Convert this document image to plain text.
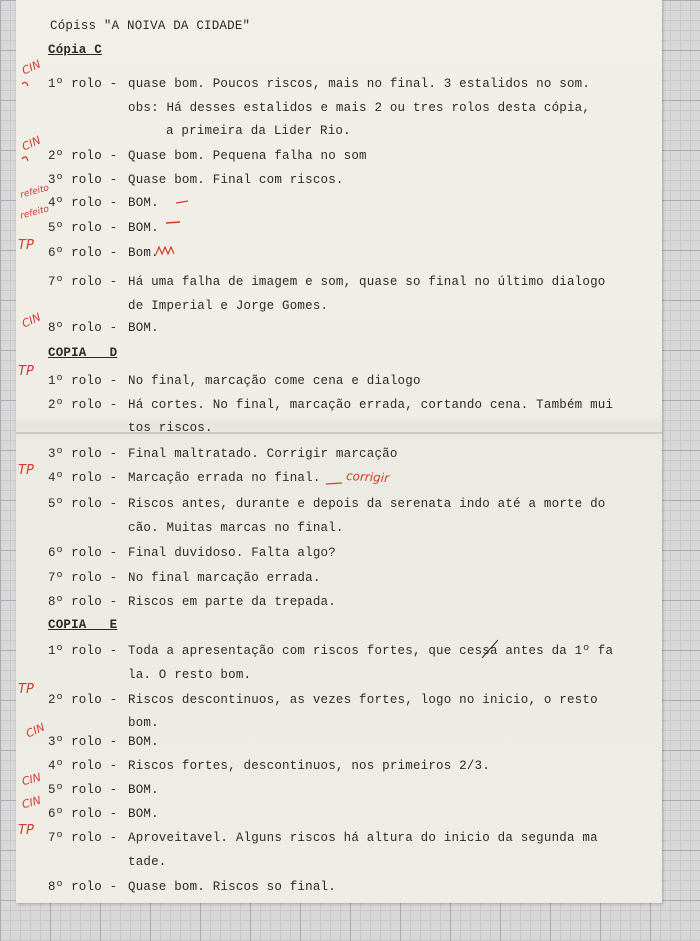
Cópiss "A NOIVA DA CIDADE"
Cópia C
1º rolo - quase bom. Poucos riscos, mais no final. 3 estalidos no som.
obs: Há desses estalidos e mais 2 ou tres rolos desta cópia,
a primeira da Lider Rio.
2º rolo - Quase bom. Pequena falha no som
3º rolo - Quase bom. Final com riscos.
4º rolo - BOM.
5º rolo - BOM.
6º rolo - Bom.
7º rolo - Há uma falha de imagem e som, quase so final no último dialogo
de Imperial e Jorge Gomes.
8º rolo - BOM.
COPIA _ D
1º rolo - No final, marcação come cena e dialogo
2º rolo - Há cortes. No final, marcação errada, cortando cena. Também mui
tos riscos.
3º rolo - Final maltratado. Corrigir marcação
4º rolo - Marcação errada no final.
5º rolo - Riscos antes, durante e depois da serenata indo até a morte do
cão. Muitas marcas no final.
6º rolo - Final duvidoso. Falta algo?
7º rolo - No final marcação errada.
8º rolo - Riscos em parte da trepada.
COPIA _ E
1º rolo - Toda a apresentação com riscos fortes, que cessa antes da 1º fa
la. O resto bom.
2º rolo - Riscos descontinuos, as vezes fortes, logo no inicio, o resto
bom.
3º rolo - BOM.
4º rolo - Riscos fortes, descontinuos, nos primeiros 2/3.
5º rolo - BOM.
6º rolo - BOM.
7º rolo - Aproveitavel. Alguns riscos há altura do inicio da segunda ma
tade.
8º rolo - Quase bom. Riscos so final.
CIN
CIN
refeito
refeito
TP
CIN
TP
TP	corrigir
TP
CIN
CIN
CIN
TP
